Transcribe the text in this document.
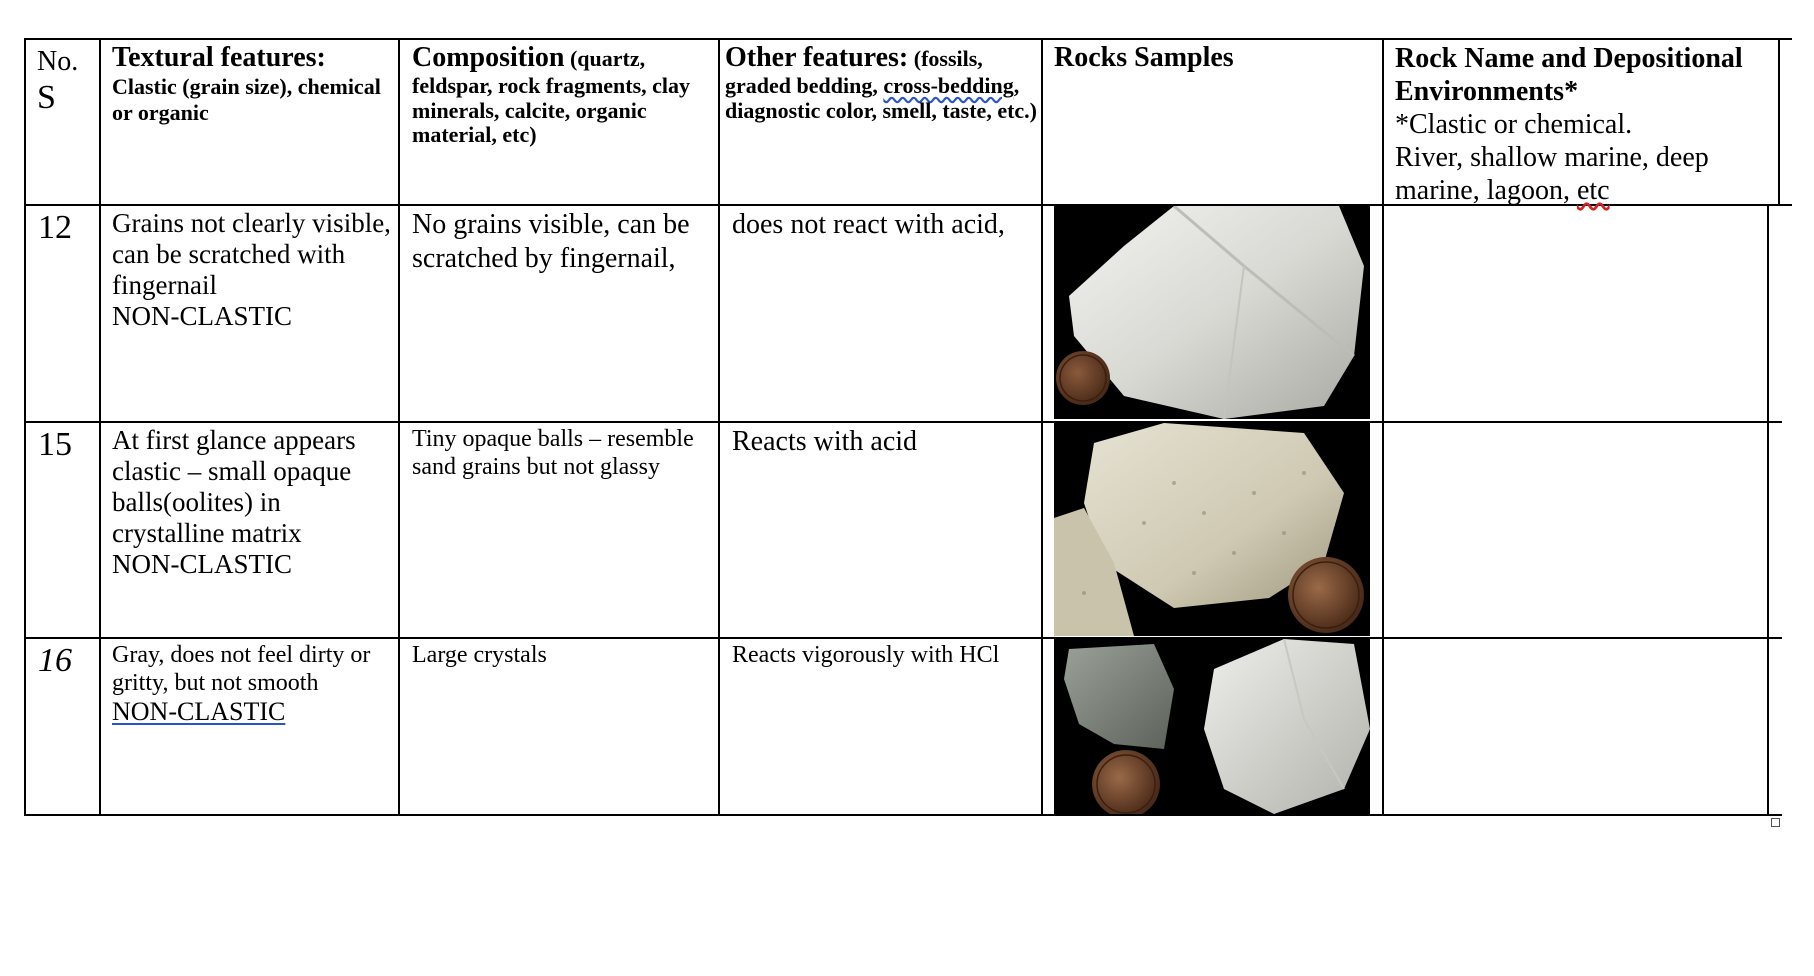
No.
S
Textural features:
Clastic (grain size), chemical or organic
Composition (quartz,
feldspar, rock fragments, clay minerals, calcite, organic material, etc)
Other features: (fossils,
graded bedding, cross-bedding,
diagnostic color, smell, taste, etc.)
Rocks Samples	Rock Name and Depositional Environments*
*Clastic or chemical.
River, shallow marine, deep marine, lagoon, etc
12 Grains not clearly visible, can be scratched with fingernail
NON-CLASTIC
No grains visible, can be scratched by fingernail,
does not react with acid,
15 At first glance appears clastic – small opaque balls(oolites) in crystalline matrix
NON-CLASTIC
Tiny opaque balls – resemble sand grains but not glassy
Reacts with acid
16 Gray, does not feel dirty or gritty, but not smooth
NON-CLASTIC
Large crystals	Reacts vigorously with HCl
